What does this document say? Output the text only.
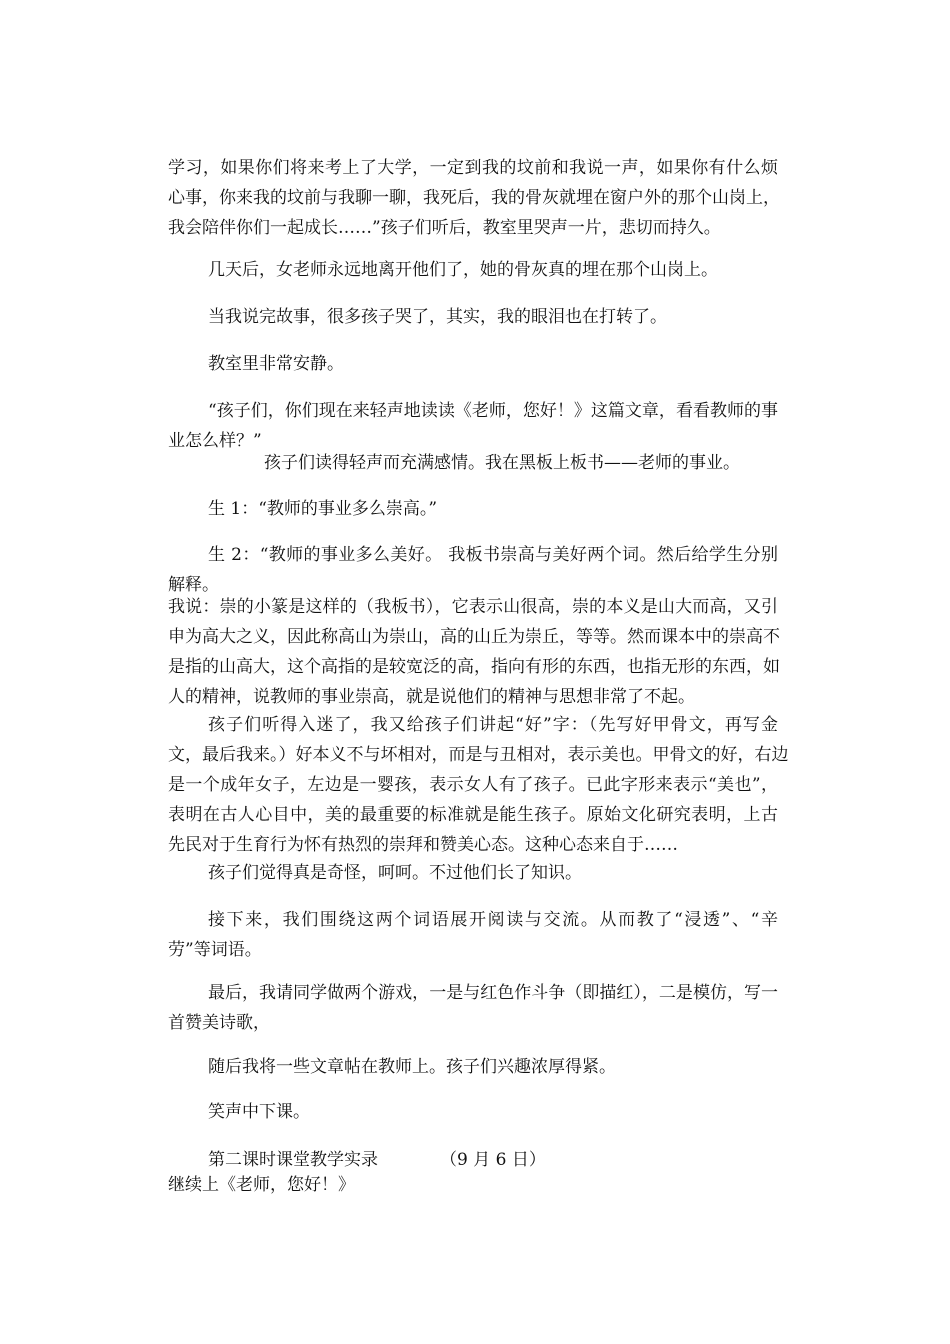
学习，如果你们将来考上了大学，一定到我的坟前和我说一声，如果你有什么烦
心事，你来我的坟前与我聊一聊，我死后，我的骨灰就埋在窗户外的那个山岗上，
我会陪伴你们一起成长……”孩子们听后，教室里哭声一片，悲切而持久。
几天后，女老师永远地离开他们了，她的骨灰真的埋在那个山岗上。
当我说完故事，很多孩子哭了，其实，我的眼泪也在打转了。
教室里非常安静。
“孩子们，你们现在来轻声地读读《老师，您好！》这篇文章，看看教师的事
业怎么样？”
孩子们读得轻声而充满感情。我在黑板上板书——老师的事业。
生 1：“教师的事业多么崇高。”
生 2：“教师的事业多么美好。 我板书崇高与美好两个词。然后给学生分别
解释。
我说：崇的小篆是这样的（我板书），它表示山很高，崇的本义是山大而高，又引
申为高大之义，因此称高山为崇山，高的山丘为崇丘，等等。然而课本中的崇高不
是指的山高大，这个高指的是较宽泛的高，指向有形的东西，也指无形的东西，如
人的精神，说教师的事业崇高，就是说他们的精神与思想非常了不起。
孩子们听得入迷了，我又给孩子们讲起“好”字：（先写好甲骨文，再写金
文，最后我来。）好本义不与坏相对，而是与丑相对，表示美也。甲骨文的好，右边
是一个成年女子，左边是一婴孩，表示女人有了孩子。已此字形来表示“美也”，
表明在古人心目中，美的最重要的标准就是能生孩子。原始文化研究表明，上古
先民对于生育行为怀有热烈的崇拜和赞美心态。这种心态来自于……
孩子们觉得真是奇怪，呵呵。不过他们长了知识。
接下来，我们围绕这两个词语展开阅读与交流。从而教了“浸透”、“辛
劳”等词语。
最后，我请同学做两个游戏，一是与红色作斗争（即描红），二是模仿，写一
首赞美诗歌，
随后我将一些文章帖在教师上。孩子们兴趣浓厚得紧。
笑声中下课。
第二课时课堂教学实录	（9 月 6 日）
继续上《老师，您好！》
